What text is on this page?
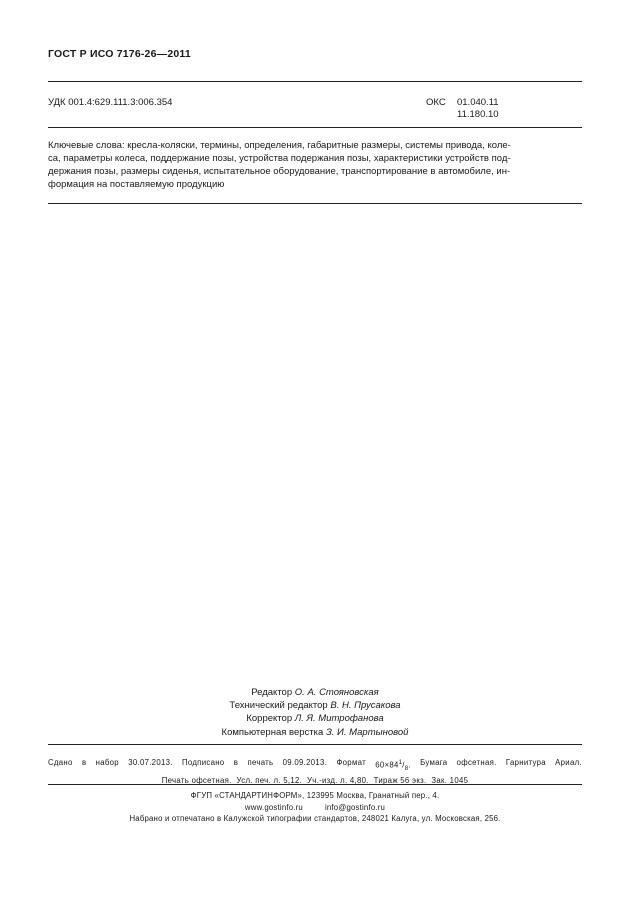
ГОСТ Р ИСО 7176-26—2011
УДК 001.4:629.111.3:006.354	ОКС 01.040.11
11.180.10
Ключевые слова: кресла-коляски, термины, определения, габаритные размеры, системы привода, коле-
са, параметры колеса, поддержание позы, устройства подержания позы, характеристики устройств под-
держания позы, размеры сиденья, испытательное оборудование, транспортирование в автомобиле, ин-
формация на поставляемую продукцию
Редактор О. А. Стояновская
Технический редактор В. Н. Прусакова
Корректор Л. Я. Митрофанова
Компьютерная верстка З. И. Мартыновой
Сдано в набор 30.07.2013. Подписано в печать 09.09.2013. Формат $60\times 84^1/_8$. Бумага офсетная. Гарнитура Ариал.
Печать офсетная.  Усл. печ. л. 5,12.  Уч.-изд. л. 4,80.  Тираж 56 экз.  Зак. 1045
ФГУП «СТАНДАРТИНФОРМ», 123995 Москва, Гранатный пер., 4.
www.gostinfo.ru	info@gostinfo.ru
Набрано и отпечатано в Калужской типографии стандартов, 248021 Калуга, ул. Московская, 256.
